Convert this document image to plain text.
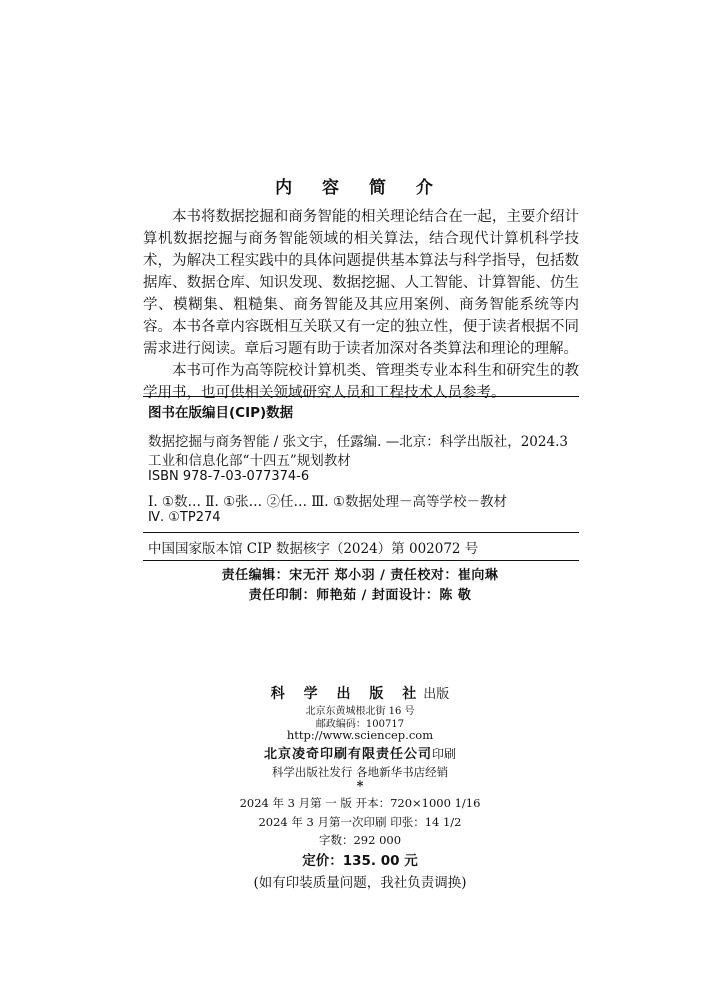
内 容 简 介

本书将数据挖掘和商务智能的相关理论结合在一起，主要介绍计算机数据挖掘与商务智能领域的相关算法，结合现代计算机科学技术，为解决工程实践中的具体问题提供基本算法与科学指导，包括数据库、数据仓库、知识发现、数据挖掘、人工智能、计算智能、仿生学、模糊集、粗糙集、商务智能及其应用案例、商务智能系统等内容。本书各章内容既相互关联又有一定的独立性，便于读者根据不同需求进行阅读。章后习题有助于读者加深对各类算法和理论的理解。

本书可作为高等院校计算机类、管理类专业本科生和研究生的教学用书，也可供相关领域研究人员和工程技术人员参考。

图书在版编目(CIP)数据
数据挖掘与商务智能 / 张文宇，任露编. —北京：科学出版社，2024.3
工业和信息化部“十四五”规划教材
ISBN 978-7-03-077374-6
Ⅰ. ①数… Ⅱ. ①张… ②任… Ⅲ. ①数据处理－高等学校－教材
Ⅳ. ①TP274
中国国家版本馆 CIP 数据核字（2024）第 002072 号
责任编辑：宋无汗 郑小羽 / 责任校对：崔向琳
责任印制：师艳茹 / 封面设计：陈 敬
科 学 出 版 社出版
北京东黄城根北街 16 号
邮政编码：100717
http://www.sciencep.com
北京凌奇印刷有限责任公司印刷
科学出版社发行 各地新华书店经销
*
2024 年 3 月第 一 版 开本：720×1000 1/16
2024 年 3 月第一次印刷 印张：14 1/2
字数：292 000
定价：135. 00 元
(如有印装质量问题，我社负责调换)
